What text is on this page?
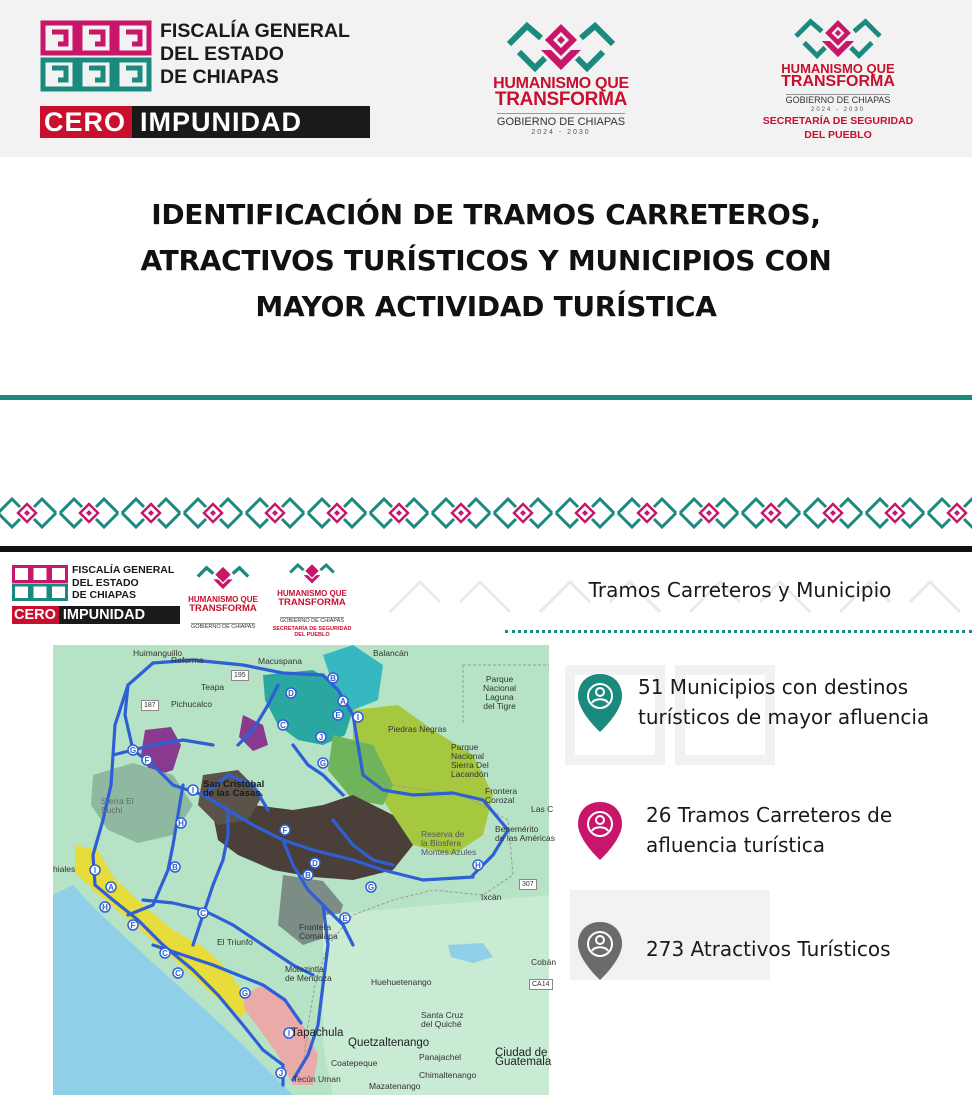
FISCALÍA GENERAL
DEL ESTADO
DE CHIAPAS
CERO IMPUNIDAD
HUMANISMO QUE
TRANSFORMA
GOBIERNO DE CHIAPAS
2024 - 2030
HUMANISMO QUE
TRANSFORMA
GOBIERNO DE CHIAPAS
2024 - 2030
SECRETARÍA DE SEGURIDAD
DEL PUEBLO
IDENTIFICACIÓN DE TRAMOS CARRETEROS,
ATRACTIVOS TURÍSTICOS Y MUNICIPIOS CON
MAYOR ACTIVIDAD TURÍSTICA
FISCALÍA GENERAL
DEL ESTADO
DE CHIAPAS
CERO IMPUNIDAD
HUMANISMO QUE
TRANSFORMA
GOBIERNO DE CHIAPAS
HUMANISMO QUE
TRANSFORMA
GOBIERNO DE CHIAPAS
SECRETARÍA DE SEGURIDAD
DEL PUEBLO
Tramos Carreteros y Municipio
B
D
E I
A
C
J
G
F	G
I
F
H
B
D
G
H
E
B
I
A
H
F
C
C
G
I
J
C
Huimanguillo
Reforma	Macuspana
Balancán
Teapa
Pichucalco
Parque
Nacional
Laguna
del Tigre
Piedras Negras
Parque
Nacional
Sierra Del
Lacandón
San Cristóbal
de las Casas	Frontera
Corozal
Reserva de
la Biosfera
Montes Azules
Benemérito
de las Américas
Las C
Ixcán
El Triunfo
Frontera
Comalapa
Motozintla
de Mendoza	Huehuetenango
Santa Cruz
del Quiché
Tapachula
Quetzaltenango
Coatepeque
Panajachel
Chimaltenango
Ciudad de
Guatemala
Mazatenango
Tecún Uman
Sierra El
Suchi
Cobán
hiales
195
187
307
CA14
51 Municipios con destinos
turísticos de mayor afluencia
26 Tramos Carreteros de
afluencia turística
273 Atractivos Turísticos
